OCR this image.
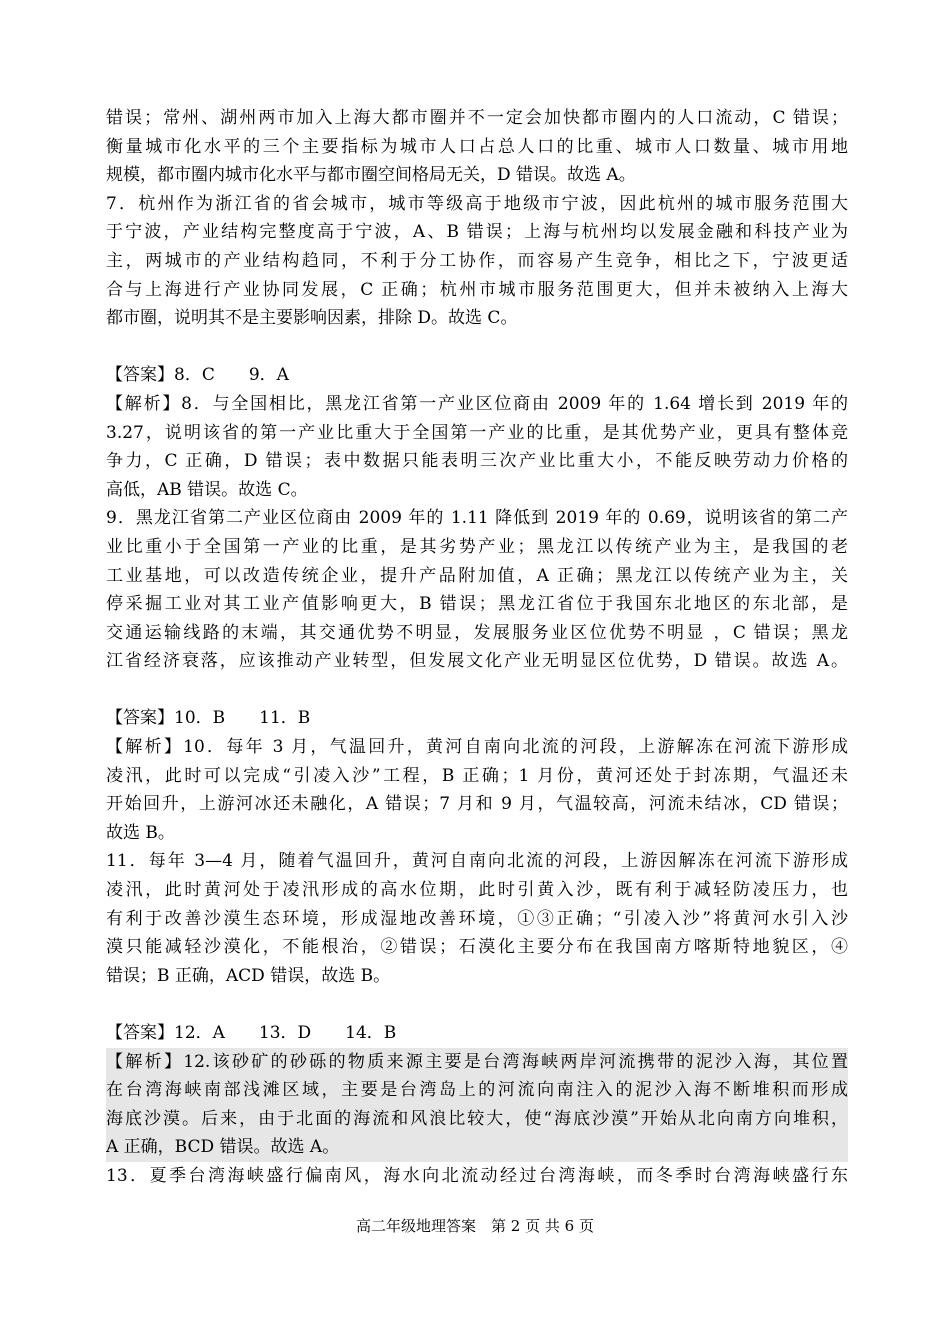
错误；常州、湖州两市加入上海大都市圈并不一定会加快都市圈内的人口流动，C 错误；
衡量城市化水平的三个主要指标为城市人口占总人口的比重、城市人口数量、城市用地
规模，都市圈内城市化水平与都市圈空间格局无关，D 错误。故选 A。
7．杭州作为浙江省的省会城市，城市等级高于地级市宁波，因此杭州的城市服务范围大
于宁波，产业结构完整度高于宁波，A、B 错误；上海与杭州均以发展金融和科技产业为
主，两城市的产业结构趋同，不利于分工协作，而容易产生竞争，相比之下，宁波更适
合与上海进行产业协同发展，C 正确；杭州市城市服务范围更大，但并未被纳入上海大
都市圈，说明其不是主要影响因素，排除 D。故选 C。
【答案】8．C　　9．A
【解析】8．与全国相比，黑龙江省第一产业区位商由 2009 年的 1.64 增长到 2019 年的
3.27，说明该省的第一产业比重大于全国第一产业的比重，是其优势产业，更具有整体竞
争力，C 正确，D 错误；表中数据只能表明三次产业比重大小，不能反映劳动力价格的
高低，AB 错误。故选 C。
9．黑龙江省第二产业区位商由 2009 年的 1.11 降低到 2019 年的 0.69，说明该省的第二产
业比重小于全国第一产业的比重，是其劣势产业；黑龙江以传统产业为主，是我国的老
工业基地，可以改造传统企业，提升产品附加值，A 正确；黑龙江以传统产业为主，关
停采掘工业对其工业产值影响更大，B 错误；黑龙江省位于我国东北地区的东北部，是
交通运输线路的末端，其交通优势不明显，发展服务业区位优势不明显 ，C 错误；黑龙
江省经济衰落，应该推动产业转型，但发展文化产业无明显区位优势，D 错误。故选 A。
【答案】10．B　　11．B
【解析】10．每年 3 月，气温回升，黄河自南向北流的河段，上游解冻在河流下游形成
凌汛，此时可以完成“引凌入沙”工程，B 正确；1 月份，黄河还处于封冻期，气温还未
开始回升，上游河冰还未融化，A 错误；7 月和 9 月，气温较高，河流未结冰，CD 错误；
故选 B。
11．每年 3—4 月，随着气温回升，黄河自南向北流的河段，上游因解冻在河流下游形成
凌汛，此时黄河处于凌汛形成的高水位期，此时引黄入沙，既有利于减轻防凌压力，也
有利于改善沙漠生态环境，形成湿地改善环境，①③正确；“引凌入沙”将黄河水引入沙
漠只能减轻沙漠化，不能根治，②错误；石漠化主要分布在我国南方喀斯特地貌区，④
错误；B 正确，ACD 错误，故选 B。
【答案】12．A　　13．D　　14．B
【解析】12.该砂矿的砂砾的物质来源主要是台湾海峡两岸河流携带的泥沙入海，其位置
在台湾海峡南部浅滩区域，主要是台湾岛上的河流向南注入的泥沙入海不断堆积而形成
海底沙漠。后来，由于北面的海流和风浪比较大，使“海底沙漠”开始从北向南方向堆积，
A 正确，BCD 错误。故选 A。
13．夏季台湾海峡盛行偏南风，海水向北流动经过台湾海峡，而冬季时台湾海峡盛行东
高二年级地理答案　第 2 页 共 6 页
